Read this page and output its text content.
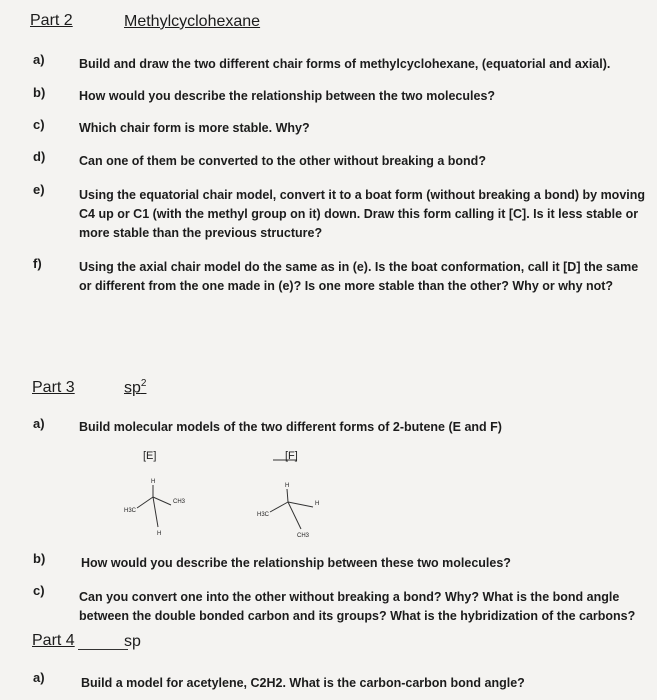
Part 2	Methylcyclohexane
a)	Build and draw the two different chair forms of methylcyclohexane, (equatorial and axial).
b)	How would you describe the relationship between the two molecules?
c)	Which chair form is more stable. Why?
d)	Can one of them be converted to the other without breaking a bond?
e)	Using the equatorial chair model, convert it to a boat form (without breaking a bond) by moving
C4 up or C1 (with the methyl group on it) down. Draw this form calling it [C]. Is it less stable or
more stable than the previous structure?
f)	Using the axial chair model do the same as in (e). Is the boat conformation, call it [D] the same
or different from the one made in (e)? Is one more stable than the other? Why or why not?
Part 3	$sp^2$
a)	Build molecular models of the two different forms of 2-butene (E and F)
[E]	[F]
H
CH3
H3C
H
H
H
H3C
CH3
b)	How would you describe the relationship between these two molecules?
c)	Can you convert one into the other without breaking a bond? Why? What is the bond angle
between the double bonded carbon and its groups? What is the hybridization of the carbons?
Part 4	sp
a)	Build a model for acetylene, C2H2. What is the carbon-carbon bond angle?
